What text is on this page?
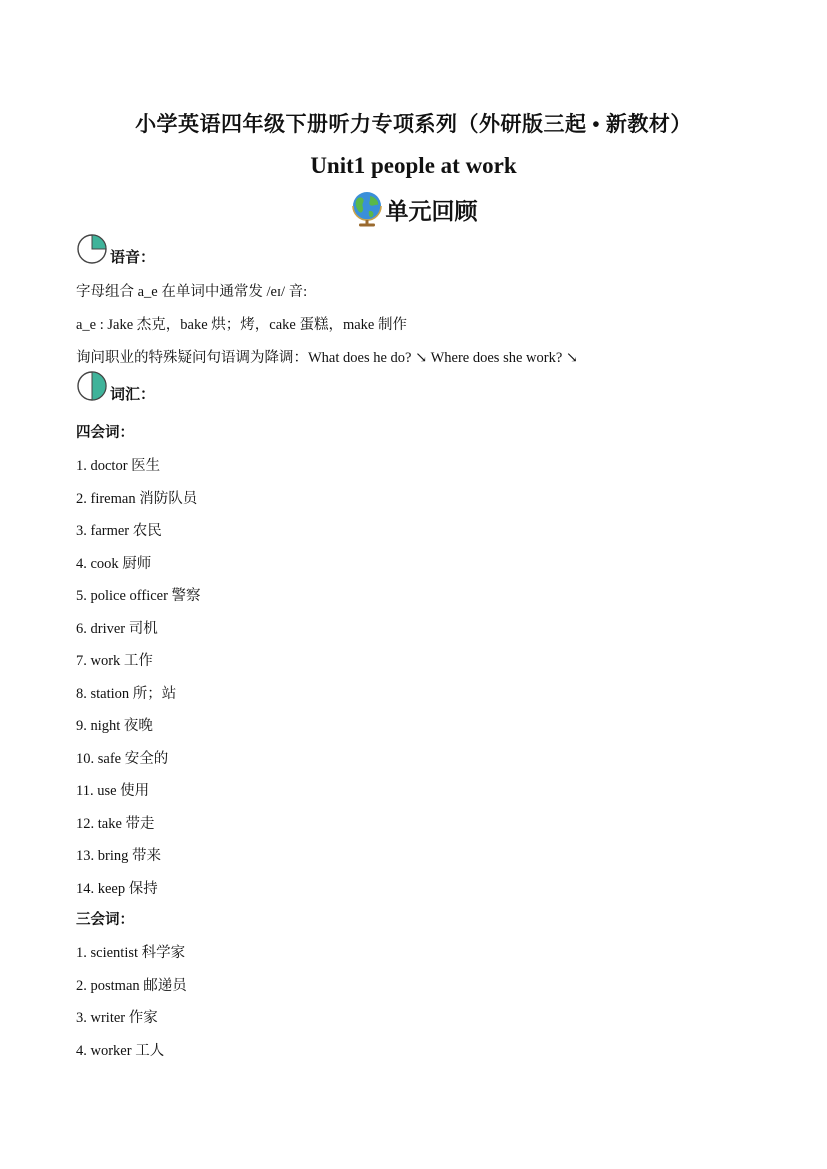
小学英语四年级下册听力专项系列（外研版三起 • 新教材）
Unit1 people at work
单元回顾
语音：
字母组合 a_e 在单词中通常发 /eɪ/ 音:
a_e : Jake 杰克，bake 烘；烤，cake 蛋糕，make 制作
询问职业的特殊疑问句语调为降调：What does he do? ↘ Where does she work? ↘
词汇：
四会词：
1. doctor 医生
2. fireman 消防队员
3. farmer 农民
4. cook 厨师
5. police officer 警察
6. driver 司机
7. work 工作
8. station 所；站
9. night 夜晚
10. safe 安全的
11. use 使用
12. take 带走
13. bring 带来
14. keep 保持
三会词：
1. scientist 科学家
2. postman 邮递员
3. writer 作家
4. worker 工人
